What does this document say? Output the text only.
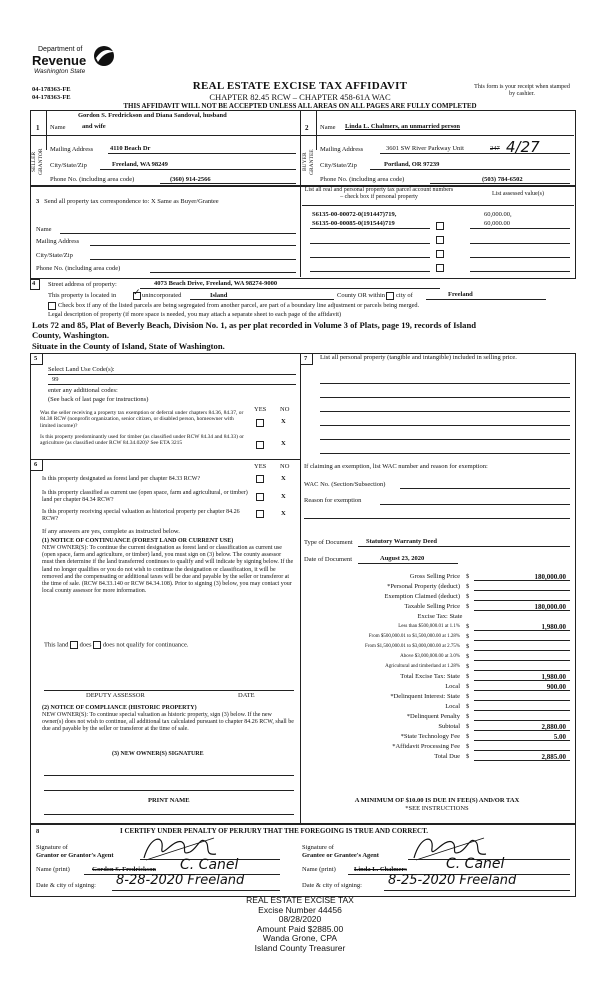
Department of
Revenue
Washington State
04-178363-FE
04-178363-FE
REAL ESTATE EXCISE TAX AFFIDAVIT
CHAPTER 82.45 RCW – CHAPTER 458-61A WAC
THIS AFFIDAVIT WILL NOT BE ACCEPTED UNLESS ALL AREAS ON ALL PAGES ARE FULLY COMPLETED
This form is your receipt when stamped by cashier.
1	2
SELLER GRANTOR
Gordon S. Fredrickson and Diana Sandoval, husband
Name	and wife
Mailing Address	4110 Beach Dr
City/State/Zip	Freeland, WA 98249
Phone No. (including area code)	(360) 914-2566
BUYER GRANTEE
Name Linda L. Chalmers, an unmarried person
Mailing Address	3601 SW River Parkway Unit	247 4/27
City/State/Zip	Portland, OR 97239
Phone No. (including area code)	(503) 784-6502
3 Send all property tax correspondence to: X Same as Buyer/Grantee
Name
Mailing Address
City/State/Zip
Phone No. (including area code)
List all real and personal property tax parcel account numbers – check box if personal property	List assessed value(s)
S6135-00-00072-0(191447)719,	60,000.00,
S6135-00-00085-0(191544)719	60,000.00
4 Street address of property:	4073 Beach Drive, Freeland, WA 98274-9000
This property is located in ✓ unincorporated	Island	County OR within city of	Freeland
Check box if any of the listed parcels are being segregated from another parcel, are part of a boundary line adjustment or parcels being merged.
Legal description of property (if more space is needed, you may attach a separate sheet to each page of the affidavit)
Lots 72 and 85, Plat of Beverly Beach, Division No. 1, as per plat recorded in Volume 3 of Plats, page 19, records of Island
County, Washington.
Situate in the County of Island, State of Washington.
5
Select Land Use Code(s):
99
enter any additional codes:
(See back of last page for instructions)
YES NO
Was the seller receiving a property tax exemption or deferral under chapters 84.36, 84.37, or 84.38 RCW (nonprofit organization, senior citizen, or disabled person, homeowner with limited income)?
X
Is this property predominantly used for timber (as classified under RCW 84.34 and 84.33) or agriculture (as classified under RCW 84.34.020)? See ETA 3215	X
6	YES NO
Is this property designated as forest land per chapter 84.33 RCW?	X
Is this property classified as current use (open space, farm and agricultural, or timber) land per chapter 84.34 RCW?	X
Is this property receiving special valuation as historical property per chapter 84.26 RCW?
X
If any answers are yes, complete as instructed below.
(1) NOTICE OF CONTINUANCE (FOREST LAND OR CURRENT USE)
NEW OWNER(S): To continue the current designation as forest land or classification as current use (open space, farm and agriculture, or timber) land, you must sign on (3) below. The county assessor must then determine if the land transferred continues to qualify and will indicate by signing below. If the land no longer qualifies or you do not wish to continue the designation or classification, it will be removed and the compensating or additional taxes will be due and payable by the seller or transferor at the time of sale. (RCW 84.33.140 or RCW 84.34.108). Prior to signing (3) below, you may contact your local county assessor for more information.
This land does does not qualify for continuance.
DEPUTY ASSESSOR	DATE
(2) NOTICE OF COMPLIANCE (HISTORIC PROPERTY)
NEW OWNER(S): To continue special valuation as historic property, sign (3) below. If the new owner(s) does not wish to continue, all additional tax calculated pursuant to chapter 84.26 RCW, shall be due and payable by the seller or transferor at the time of sale.
(3) NEW OWNER(S) SIGNATURE
PRINT NAME
7 List all personal property (tangible and intangible) included in selling price.
If claiming an exemption, list WAC number and reason for exemption:
WAC No. (Section/Subsection)
Reason for exemption
Type of Document Statutory Warranty Deed
Date of Document	August 23, 2020
Gross Selling Price $	180,000.00
*Personal Property (deduct) $
Exemption Claimed (deduct) $
Taxable Selling Price $	180,000.00
Excise Tax: State
Less than $500,000.01 at 1.1% $	1,980.00
From $500,000.01 to $1,500,000.00 at 1.28% $
From $1,500,000.01 to $3,000,000.00 at 2.75% $
Above $3,000,000.00 at 3.0% $
Agricultural and timberland at 1.28% $
Total Excise Tax: State $	1,980.00
Local $	900.00
*Delinquent Interest: State $
Local $
*Delinquent Penalty $
Subtotal $	2,880.00
*State Technology Fee $	5.00
*Affidavit Processing Fee $
Total Due $	2,885.00
A MINIMUM OF $10.00 IS DUE IN FEE(S) AND/OR TAX
*SEE INSTRUCTIONS
8	I CERTIFY UNDER PENALTY OF PERJURY THAT THE FOREGOING IS TRUE AND CORRECT.
Signature of
Grantor or Grantor's Agent
Name (print)	Gordon S. Fredrickson C. Canel
Date & city of signing: 8-28-2020 Freeland
Signature of
Grantee or Grantee's Agent
Name (print)	Linda L. Chalmers	C. Canel
Date & city of signing: 8-25-2020 Freeland
REAL ESTATE EXCISE TAX
Excise Number 44456
08/28/2020
Amount Paid $2885.00
Wanda Grone, CPA
Island County Treasurer
